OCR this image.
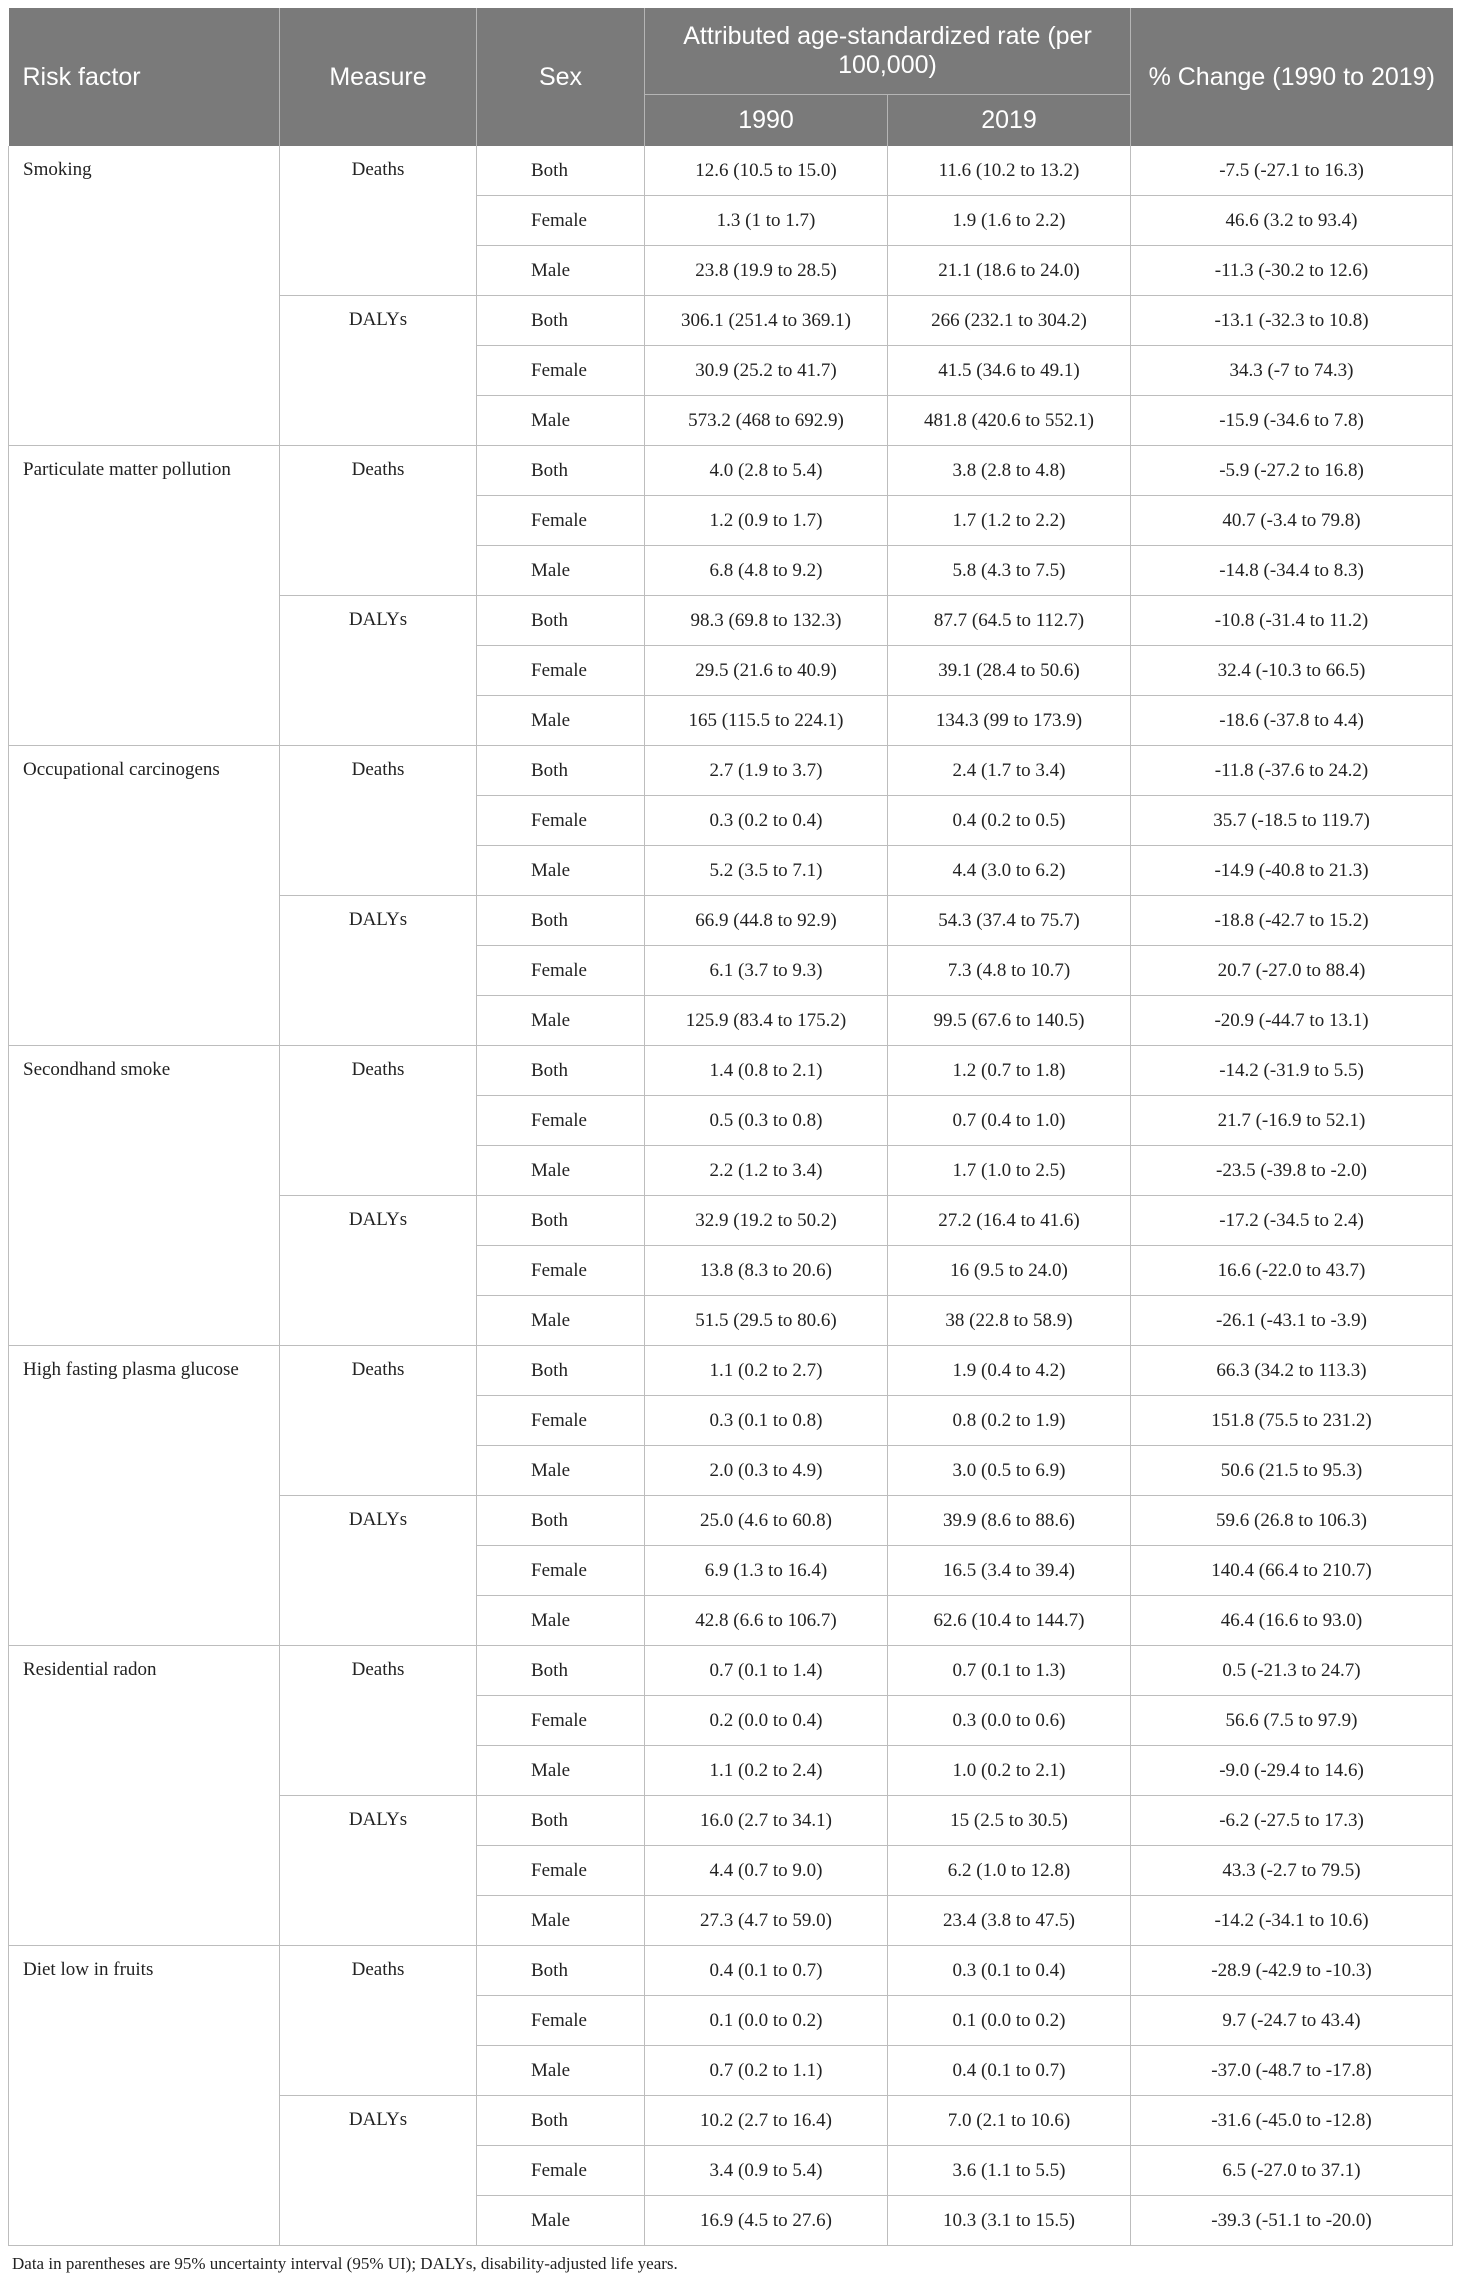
Risk factor	Measure	Sex	Attributed age-standardized rate (per 100,000)		% Change (1990 to 2019)
			1990	2019	
Smoking	Deaths	Both	12.6 (10.5 to 15.0)	11.6 (10.2 to 13.2)	-7.5 (-27.1 to 16.3)
		Female	1.3 (1 to 1.7)	1.9 (1.6 to 2.2)	46.6 (3.2 to 93.4)
		Male	23.8 (19.9 to 28.5)	21.1 (18.6 to 24.0)	-11.3 (-30.2 to 12.6)
	DALYs	Both	306.1 (251.4 to 369.1)	266 (232.1 to 304.2)	-13.1 (-32.3 to 10.8)
		Female	30.9 (25.2 to 41.7)	41.5 (34.6 to 49.1)	34.3 (-7 to 74.3)
		Male	573.2 (468 to 692.9)	481.8 (420.6 to 552.1)	-15.9 (-34.6 to 7.8)
Particulate matter pollution	Deaths	Both	4.0 (2.8 to 5.4)	3.8 (2.8 to 4.8)	-5.9 (-27.2 to 16.8)
		Female	1.2 (0.9 to 1.7)	1.7 (1.2 to 2.2)	40.7 (-3.4 to 79.8)
		Male	6.8 (4.8 to 9.2)	5.8 (4.3 to 7.5)	-14.8 (-34.4 to 8.3)
	DALYs	Both	98.3 (69.8 to 132.3)	87.7 (64.5 to 112.7)	-10.8 (-31.4 to 11.2)
		Female	29.5 (21.6 to 40.9)	39.1 (28.4 to 50.6)	32.4 (-10.3 to 66.5)
		Male	165 (115.5 to 224.1)	134.3 (99 to 173.9)	-18.6 (-37.8 to 4.4)
Occupational carcinogens	Deaths	Both	2.7 (1.9 to 3.7)	2.4 (1.7 to 3.4)	-11.8 (-37.6 to 24.2)
		Female	0.3 (0.2 to 0.4)	0.4 (0.2 to 0.5)	35.7 (-18.5 to 119.7)
		Male	5.2 (3.5 to 7.1)	4.4 (3.0 to 6.2)	-14.9 (-40.8 to 21.3)
	DALYs	Both	66.9 (44.8 to 92.9)	54.3 (37.4 to 75.7)	-18.8 (-42.7 to 15.2)
		Female	6.1 (3.7 to 9.3)	7.3 (4.8 to 10.7)	20.7 (-27.0 to 88.4)
		Male	125.9 (83.4 to 175.2)	99.5 (67.6 to 140.5)	-20.9 (-44.7 to 13.1)
Secondhand smoke	Deaths	Both	1.4 (0.8 to 2.1)	1.2 (0.7 to 1.8)	-14.2 (-31.9 to 5.5)
		Female	0.5 (0.3 to 0.8)	0.7 (0.4 to 1.0)	21.7 (-16.9 to 52.1)
		Male	2.2 (1.2 to 3.4)	1.7 (1.0 to 2.5)	-23.5 (-39.8 to -2.0)
	DALYs	Both	32.9 (19.2 to 50.2)	27.2 (16.4 to 41.6)	-17.2 (-34.5 to 2.4)
		Female	13.8 (8.3 to 20.6)	16 (9.5 to 24.0)	16.6 (-22.0 to 43.7)
		Male	51.5 (29.5 to 80.6)	38 (22.8 to 58.9)	-26.1 (-43.1 to -3.9)
High fasting plasma glucose	Deaths	Both	1.1 (0.2 to 2.7)	1.9 (0.4 to 4.2)	66.3 (34.2 to 113.3)
		Female	0.3 (0.1 to 0.8)	0.8 (0.2 to 1.9)	151.8 (75.5 to 231.2)
		Male	2.0 (0.3 to 4.9)	3.0 (0.5 to 6.9)	50.6 (21.5 to 95.3)
	DALYs	Both	25.0 (4.6 to 60.8)	39.9 (8.6 to 88.6)	59.6 (26.8 to 106.3)
		Female	6.9 (1.3 to 16.4)	16.5 (3.4 to 39.4)	140.4 (66.4 to 210.7)
		Male	42.8 (6.6 to 106.7)	62.6 (10.4 to 144.7)	46.4 (16.6 to 93.0)
Residential radon	Deaths	Both	0.7 (0.1 to 1.4)	0.7 (0.1 to 1.3)	0.5 (-21.3 to 24.7)
		Female	0.2 (0.0 to 0.4)	0.3 (0.0 to 0.6)	56.6 (7.5 to 97.9)
		Male	1.1 (0.2 to 2.4)	1.0 (0.2 to 2.1)	-9.0 (-29.4 to 14.6)
	DALYs	Both	16.0 (2.7 to 34.1)	15 (2.5 to 30.5)	-6.2 (-27.5 to 17.3)
		Female	4.4 (0.7 to 9.0)	6.2 (1.0 to 12.8)	43.3 (-2.7 to 79.5)
		Male	27.3 (4.7 to 59.0)	23.4 (3.8 to 47.5)	-14.2 (-34.1 to 10.6)
Diet low in fruits	Deaths	Both	0.4 (0.1 to 0.7)	0.3 (0.1 to 0.4)	-28.9 (-42.9 to -10.3)
		Female	0.1 (0.0 to 0.2)	0.1 (0.0 to 0.2)	9.7 (-24.7 to 43.4)
		Male	0.7 (0.2 to 1.1)	0.4 (0.1 to 0.7)	-37.0 (-48.7 to -17.8)
	DALYs	Both	10.2 (2.7 to 16.4)	7.0 (2.1 to 10.6)	-31.6 (-45.0 to -12.8)
		Female	3.4 (0.9 to 5.4)	3.6 (1.1 to 5.5)	6.5 (-27.0 to 37.1)
		Male	16.9 (4.5 to 27.6)	10.3 (3.1 to 15.5)	-39.3 (-51.1 to -20.0)
Data in parentheses are 95% uncertainty interval (95% UI); DALYs, disability-adjusted life years.
